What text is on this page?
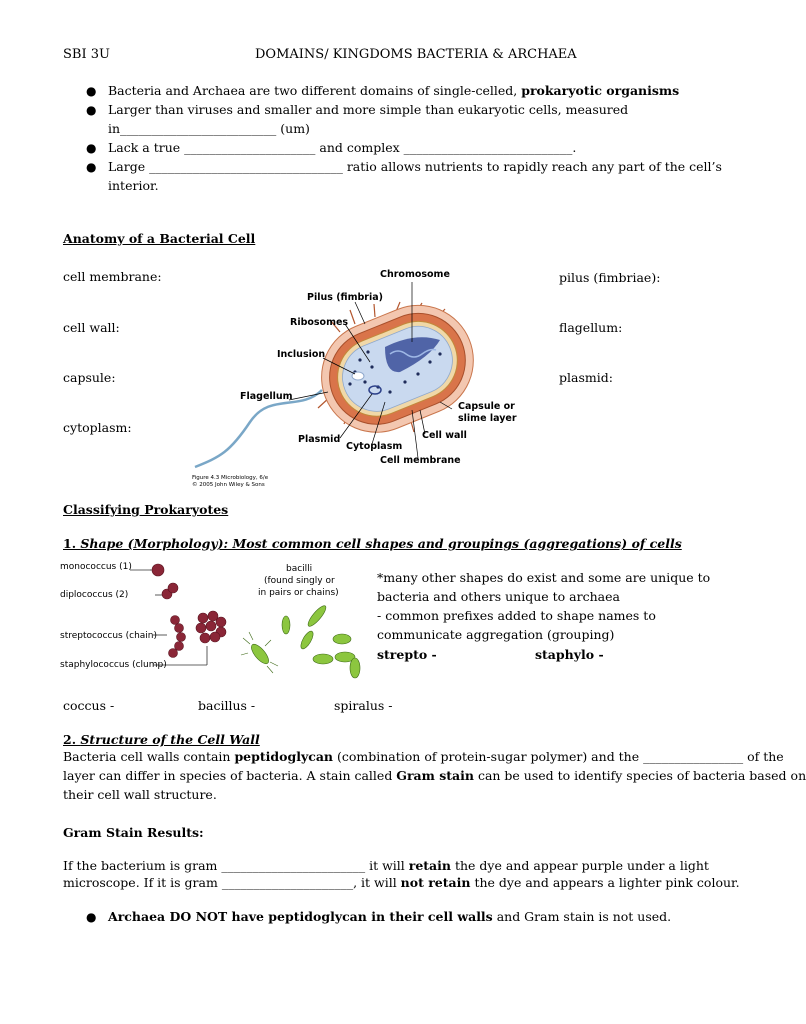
SBI 3U	DOMAINS/ KINGDOMS BACTERIA & ARCHAEA
● Bacteria and Archaea are two different domains of single-celled, prokaryotic organisms
● Larger than viruses and smaller and more simple than eukaryotic cells, measured
in_________________________ (um)
● Lack a true _____________________ and complex ___________________________.
● Large _______________________________ ratio allows nutrients to rapidly reach any part of the cell’s
interior.
Anatomy of a Bacterial Cell
cell membrane:
cell wall:
capsule:
cytoplasm:
pilus (fimbriae):
flagellum:
plasmid:
Chromosome
Pilus (fimbria)
Ribosomes
Inclusion
Flagellum
Capsule or
slime layer
Plasmid	Cell wall
Cytoplasm
Cell membrane
Figure 4.3 Microbiology, 6/e
© 2005 John Wiley & Sons
Classifying Prokaryotes
1. Shape (Morphology): Most common cell shapes and groupings (aggregations) of cells
monococcus (1)
diplococcus (2)
streptococcus (chain)
staphylococcus (clump)
bacilli
(found singly or
in pairs or chains)
*many other shapes do exist and some are unique to
bacteria and others unique to archaea
- common prefixes added to shape names to
communicate aggregation (grouping)
strepto -	staphylo -
coccus -	bacillus -	spiralus -
2. Structure of the Cell Wall
Bacteria cell walls contain peptidoglycan (combination of protein-sugar polymer) and the ________________ of the
layer can differ in species of bacteria. A stain called Gram stain can be used to identify species of bacteria based on
their cell wall structure.
Gram Stain Results:
If the bacterium is gram _______________________ it will retain the dye and appear purple under a light
microscope. If it is gram _____________________, it will not retain the dye and appears a lighter pink colour.
● Archaea DO NOT have peptidoglycan in their cell walls and Gram stain is not used.
